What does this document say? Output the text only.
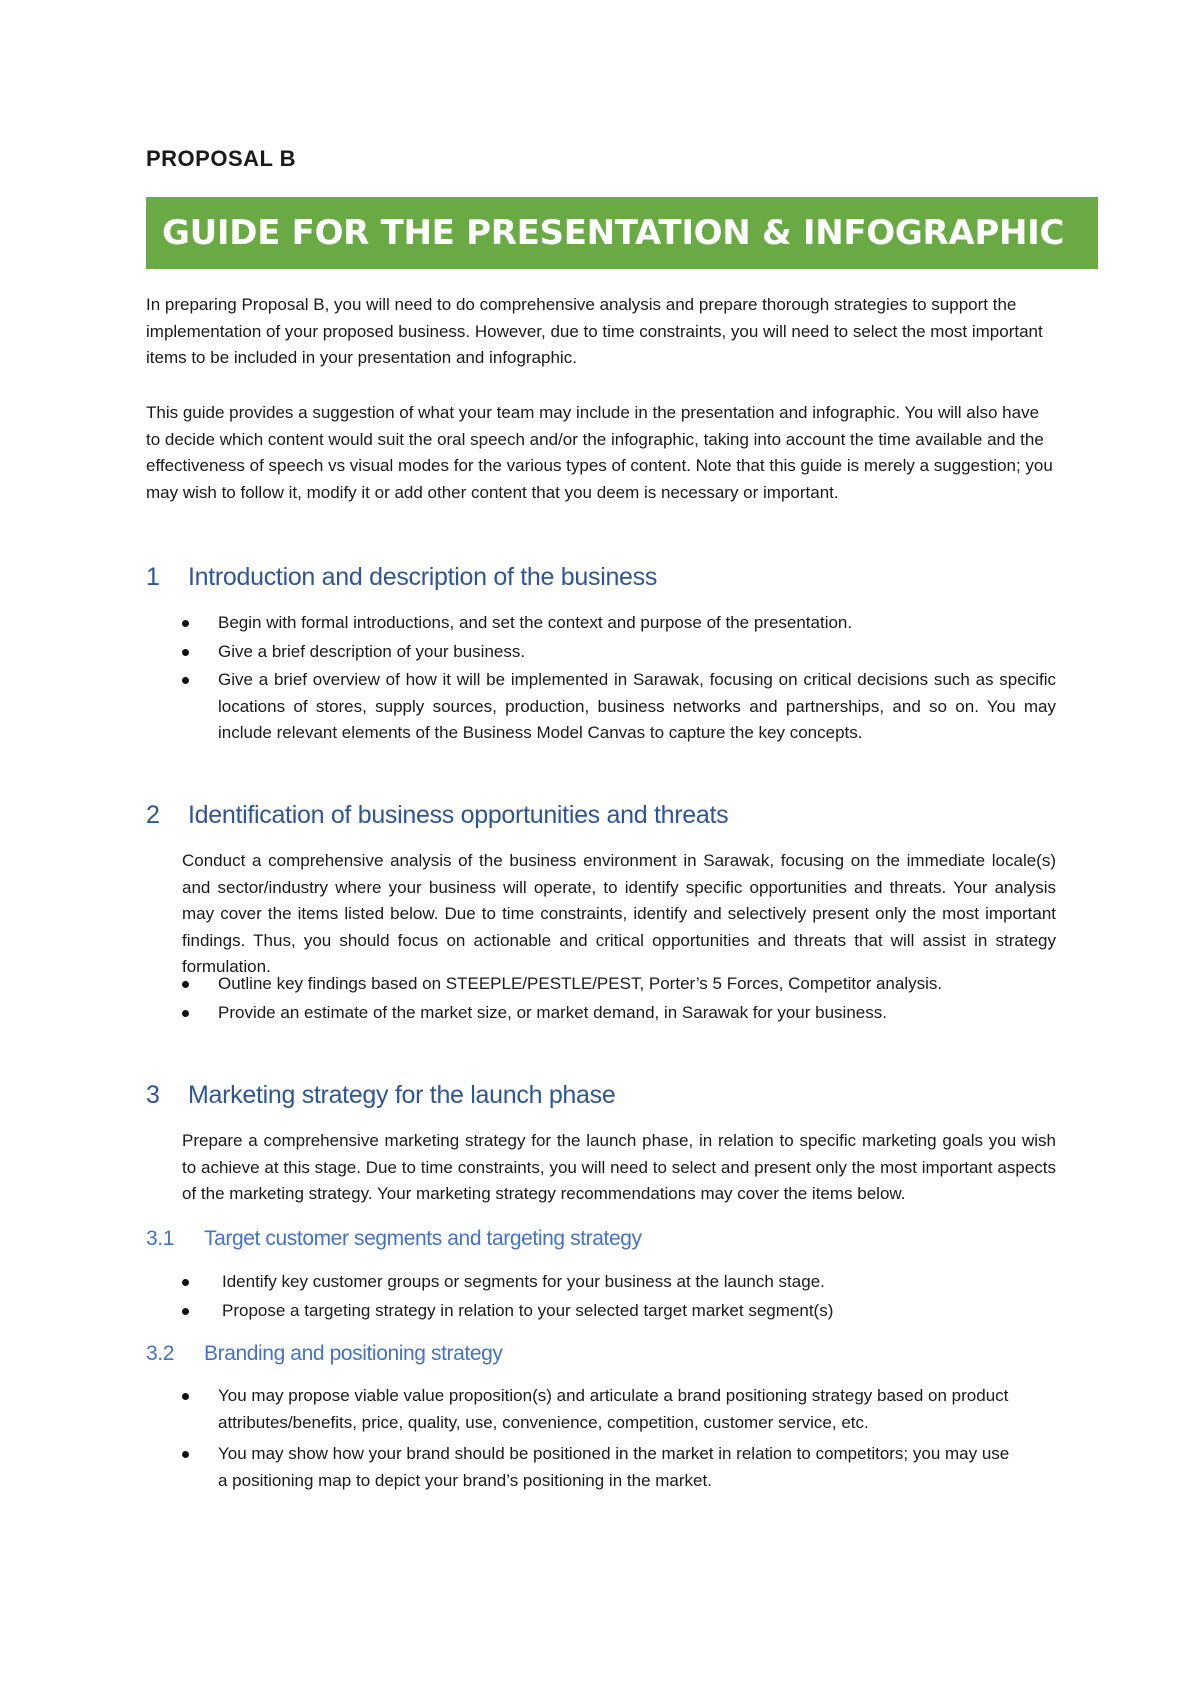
PROPOSAL B
GUIDE FOR THE PRESENTATION & INFOGRAPHIC

In preparing Proposal B, you will need to do comprehensive analysis and prepare thorough strategies to support the implementation of your proposed business. However, due to time constraints, you will need to select the most important items to be included in your presentation and infographic.

This guide provides a suggestion of what your team may include in the presentation and infographic. You will also have to decide which content would suit the oral speech and/or the infographic, taking into account the time available and the effectiveness of speech vs visual modes for the various types of content. Note that this guide is merely a suggestion; you may wish to follow it, modify it or add other content that you deem is necessary or important.

1 Introduction and description of the business
Begin with formal introductions, and set the context and purpose of the presentation.
Give a brief description of your business.
Give a brief overview of how it will be implemented in Sarawak, focusing on critical decisions such as specific locations of stores, supply sources, production, business networks and partnerships, and so on. You may include relevant elements of the Business Model Canvas to capture the key concepts.
2 Identification of business opportunities and threats

Conduct a comprehensive analysis of the business environment in Sarawak, focusing on the immediate locale(s) and sector/industry where your business will operate, to identify specific opportunities and threats. Your analysis may cover the items listed below. Due to time constraints, identify and selectively present only the most important findings. Thus, you should focus on actionable and critical opportunities and threats that will assist in strategy formulation.

Outline key findings based on STEEPLE/PESTLE/PEST, Porter’s 5 Forces, Competitor analysis.
Provide an estimate of the market size, or market demand, in Sarawak for your business.
3 Marketing strategy for the launch phase

Prepare a comprehensive marketing strategy for the launch phase, in relation to specific marketing goals you wish to achieve at this stage. Due to time constraints, you will need to select and present only the most important aspects of the marketing strategy. Your marketing strategy recommendations may cover the items below.

3.1 Target customer segments and targeting strategy
Identify key customer groups or segments for your business at the launch stage.
Propose a targeting strategy in relation to your selected target market segment(s)
3.2 Branding and positioning strategy
You may propose viable value proposition(s) and articulate a brand positioning strategy based on product attributes/benefits, price, quality, use, convenience, competition, customer service, etc.
You may show how your brand should be positioned in the market in relation to competitors; you may use a positioning map to depict your brand’s positioning in the market.
